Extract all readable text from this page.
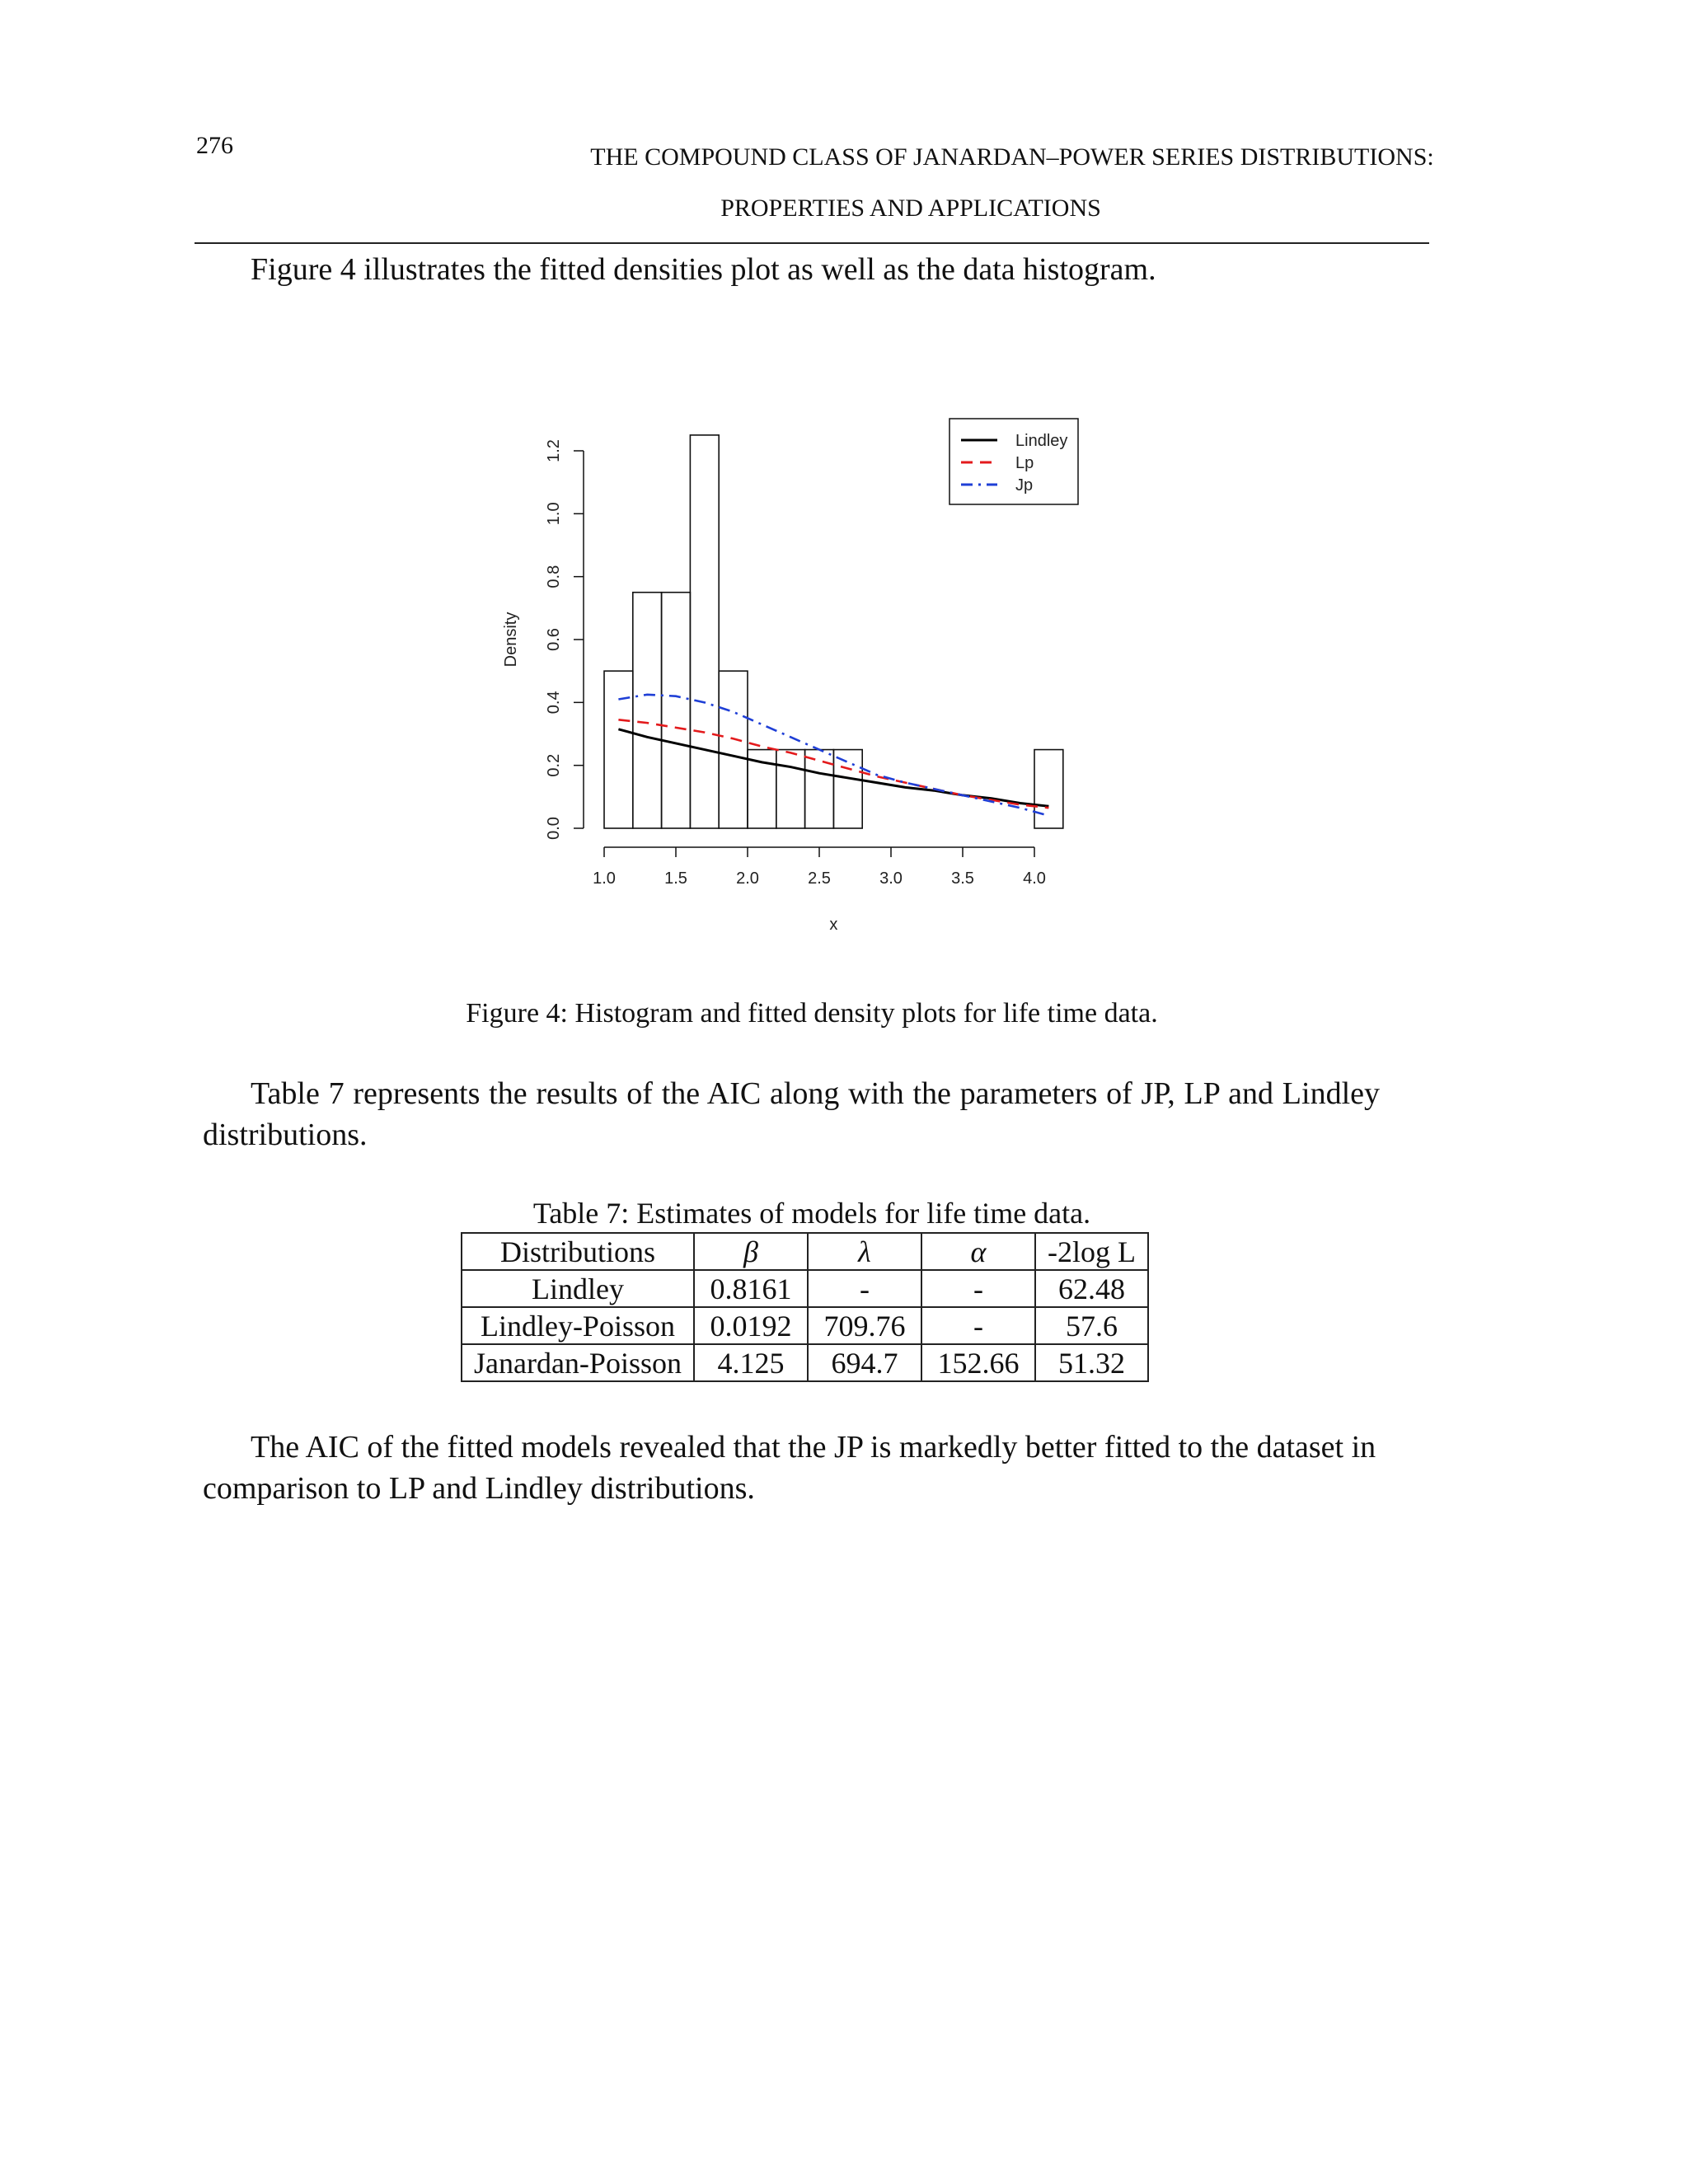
276	THE COMPOUND CLASS OF JANARDAN–POWER SERIES DISTRIBUTIONS:
PROPERTIES AND APPLICATIONS
Figure 4 illustrates the fitted densities plot as well as the data histogram.
1.0	1.5	2.0	2.5	3.0	3.5	4.0
x
0.0
0.2
0.4
0.6
0.8
1.0
1.2
Density
Lindley
Lp
Jp
Figure 4: Histogram and fitted density plots for life time data.
Table 7 represents the results of the AIC along with the parameters of JP, LP and Lindley distributions.
Table 7: Estimates of models for life time data.
Distributions	β	λ	α	-2log L
Lindley	0.8161	-	-	62.48
Lindley-Poisson	0.0192	709.76	-	57.6
Janardan-Poisson	4.125	694.7	152.66	51.32
The AIC of the fitted models revealed that the JP is markedly better fitted to the dataset in comparison to LP and Lindley distributions.
